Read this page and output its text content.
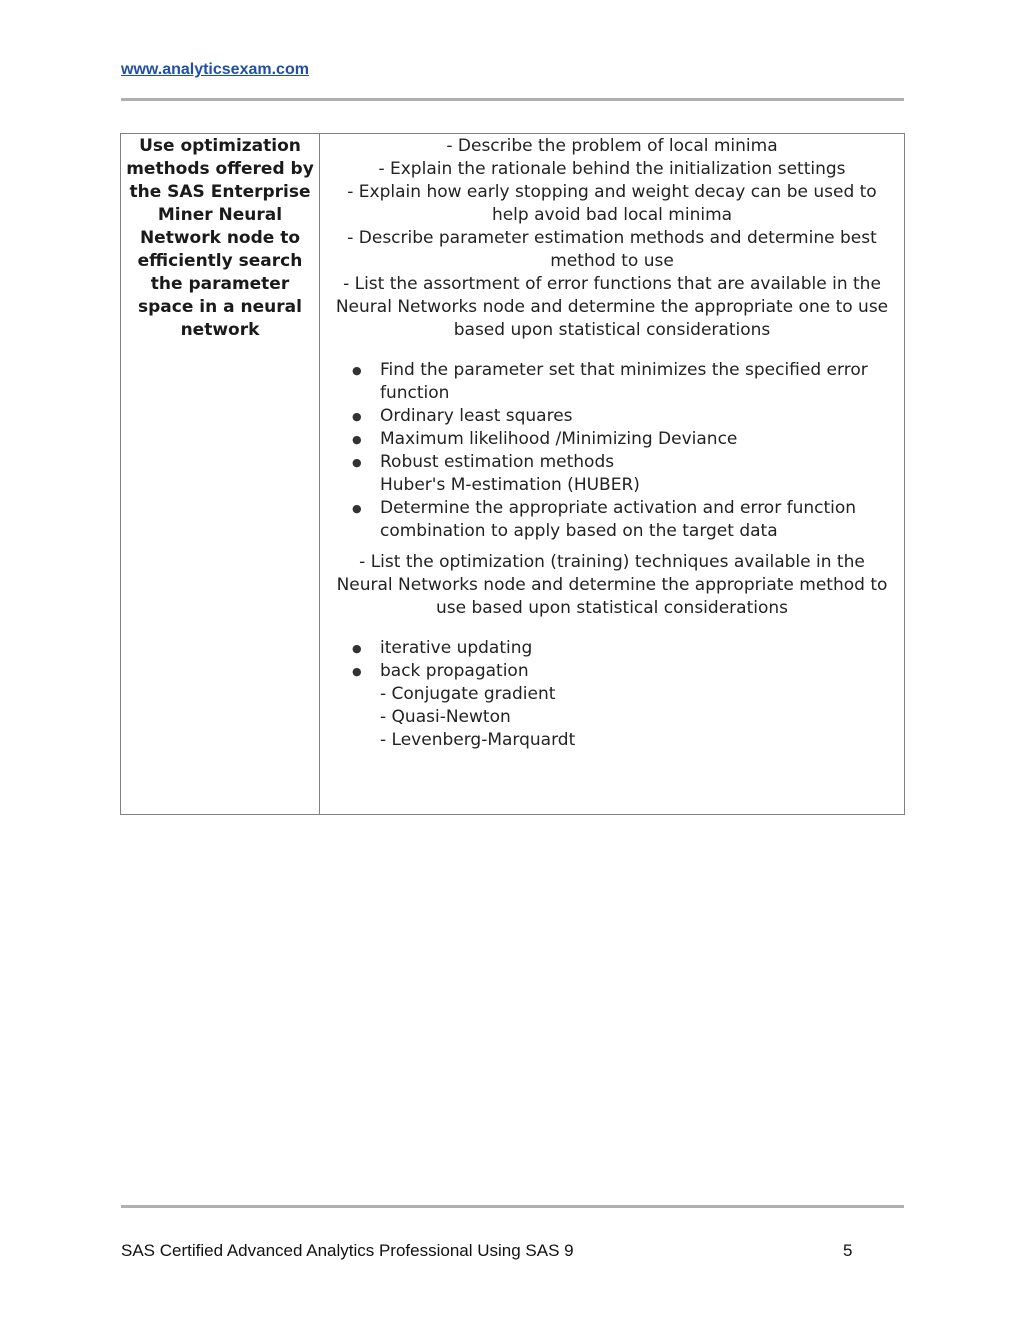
www.analyticsexam.com
Use optimization
methods offered by
the SAS Enterprise
Miner Neural
Network node to
efficiently search
the parameter
space in a neural
network
- Describe the problem of local minima
- Explain the rationale behind the initialization settings
- Explain how early stopping and weight decay can be used to
help avoid bad local minima
- Describe parameter estimation methods and determine best
method to use
- List the assortment of error functions that are available in the
Neural Networks node and determine the appropriate one to use
based upon statistical considerations
● Find the parameter set that minimizes the specified error
function
● Ordinary least squares
● Maximum likelihood /Minimizing Deviance
● Robust estimation methods
Huber's M-estimation (HUBER)
● Determine the appropriate activation and error function
combination to apply based on the target data
- List the optimization (training) techniques available in the
Neural Networks node and determine the appropriate method to
use based upon statistical considerations
● iterative updating
● back propagation
- Conjugate gradient
- Quasi-Newton
- Levenberg-Marquardt
SAS Certified Advanced Analytics Professional Using SAS 9	5
